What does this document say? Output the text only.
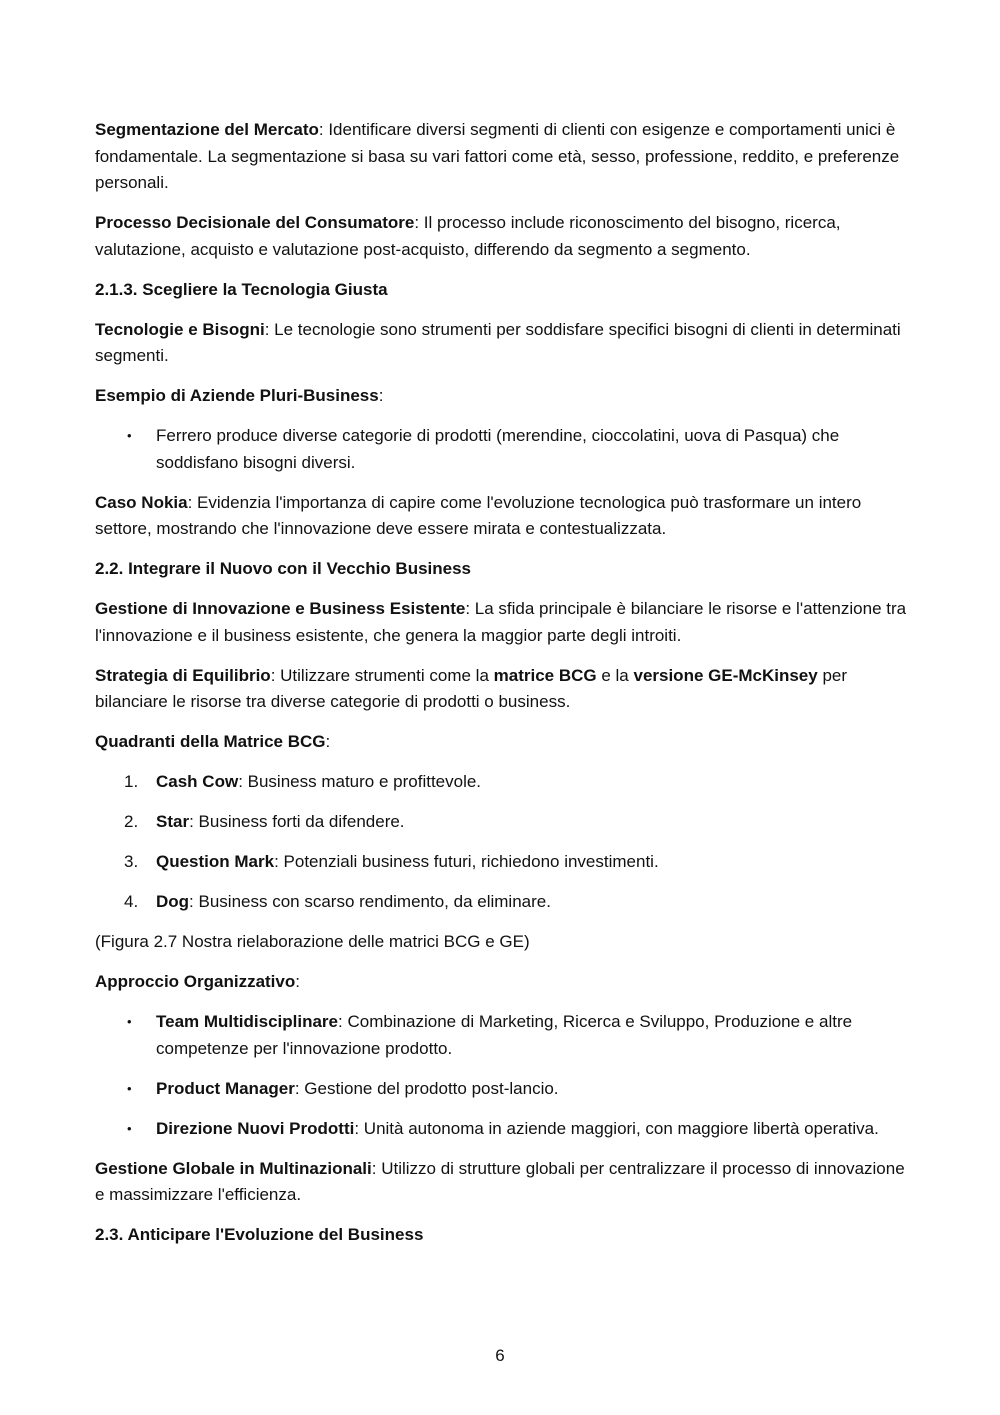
Segmentazione del Mercato: Identificare diversi segmenti di clienti con esigenze e comportamenti unici è fondamentale. La segmentazione si basa su vari fattori come età, sesso, professione, reddito, e preferenze personali.

Processo Decisionale del Consumatore: Il processo include riconoscimento del bisogno, ricerca, valutazione, acquisto e valutazione post-acquisto, differendo da segmento a segmento.

2.1.3. Scegliere la Tecnologia Giusta

Tecnologie e Bisogni: Le tecnologie sono strumenti per soddisfare specifici bisogni di clienti in determinati segmenti.

Esempio di Aziende Pluri-Business:

• Ferrero produce diverse categorie di prodotti (merendine, cioccolatini, uova di Pasqua) che soddisfano bisogni diversi.

Caso Nokia: Evidenzia l'importanza di capire come l'evoluzione tecnologica può trasformare un intero settore, mostrando che l'innovazione deve essere mirata e contestualizzata.

2.2. Integrare il Nuovo con il Vecchio Business

Gestione di Innovazione e Business Esistente: La sfida principale è bilanciare le risorse e l'attenzione tra l'innovazione e il business esistente, che genera la maggior parte degli introiti.

Strategia di Equilibrio: Utilizzare strumenti come la matrice BCG e la versione GE-McKinsey per bilanciare le risorse tra diverse categorie di prodotti o business.

Quadranti della Matrice BCG:

1. Cash Cow: Business maturo e profittevole.
2. Star: Business forti da difendere.
3. Question Mark: Potenziali business futuri, richiedono investimenti.
4. Dog: Business con scarso rendimento, da eliminare.

(Figura 2.7 Nostra rielaborazione delle matrici BCG e GE)

Approccio Organizzativo:

• Team Multidisciplinare: Combinazione di Marketing, Ricerca e Sviluppo, Produzione e altre competenze per l'innovazione prodotto.
• Product Manager: Gestione del prodotto post-lancio.
• Direzione Nuovi Prodotti: Unità autonoma in aziende maggiori, con maggiore libertà operativa.

Gestione Globale in Multinazionali: Utilizzo di strutture globali per centralizzare il processo di innovazione e massimizzare l'efficienza.

2.3. Anticipare l'Evoluzione del Business

6
